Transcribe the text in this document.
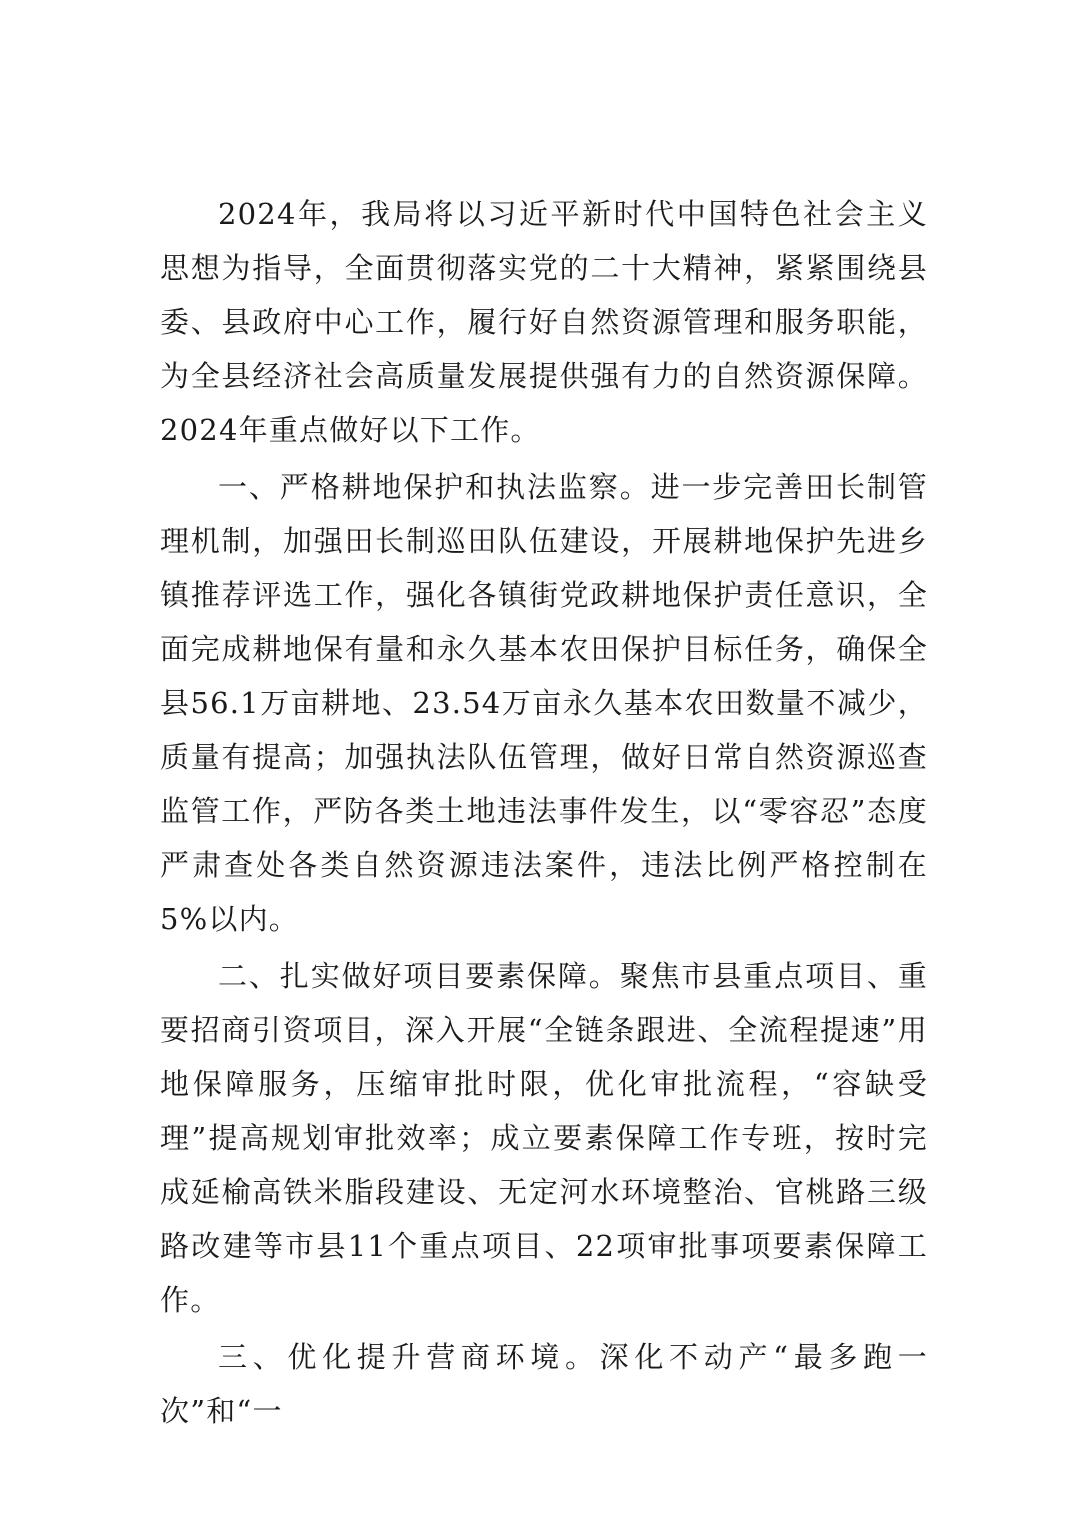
2024年，我局将以习近平新时代中国特色社会主义思想为指导，全面贯彻落实党的二十大精神，紧紧围绕县委、县政府中心工作，履行好自然资源管理和服务职能，为全县经济社会高质量发展提供强有力的自然资源保障。2024年重点做好以下工作。

一、严格耕地保护和执法监察。进一步完善田长制管理机制，加强田长制巡田队伍建设，开展耕地保护先进乡镇推荐评选工作，强化各镇街党政耕地保护责任意识，全面完成耕地保有量和永久基本农田保护目标任务，确保全县56.1万亩耕地、23.54万亩永久基本农田数量不减少，质量有提高；加强执法队伍管理，做好日常自然资源巡查监管工作，严防各类土地违法事件发生，以“零容忍”态度严肃查处各类自然资源违法案件，违法比例严格控制在5%以内。

二、扎实做好项目要素保障。聚焦市县重点项目、重要招商引资项目，深入开展“全链条跟进、全流程提速”用地保障服务，压缩审批时限，优化审批流程，“容缺受理”提高规划审批效率；成立要素保障工作专班，按时完成延榆高铁米脂段建设、无定河水环境整治、官桃路三级路改建等市县11个重点项目、22项审批事项要素保障工作。

三、优化提升营商环境。深化不动产“最多跑一次”和“一
